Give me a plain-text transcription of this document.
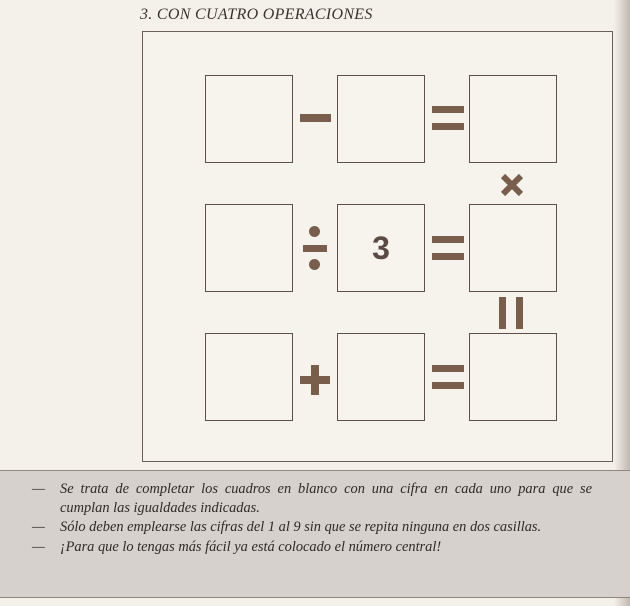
3. CON CUATRO OPERACIONES
3
— Se trata de completar los cuadros en blanco con una cifra en cada uno para que se cumplan las igualdades indicadas.
— Sólo deben emplearse las cifras del 1 al 9 sin que se repita ninguna en dos casillas.
— ¡Para que lo tengas más fácil ya está colocado el número central!
